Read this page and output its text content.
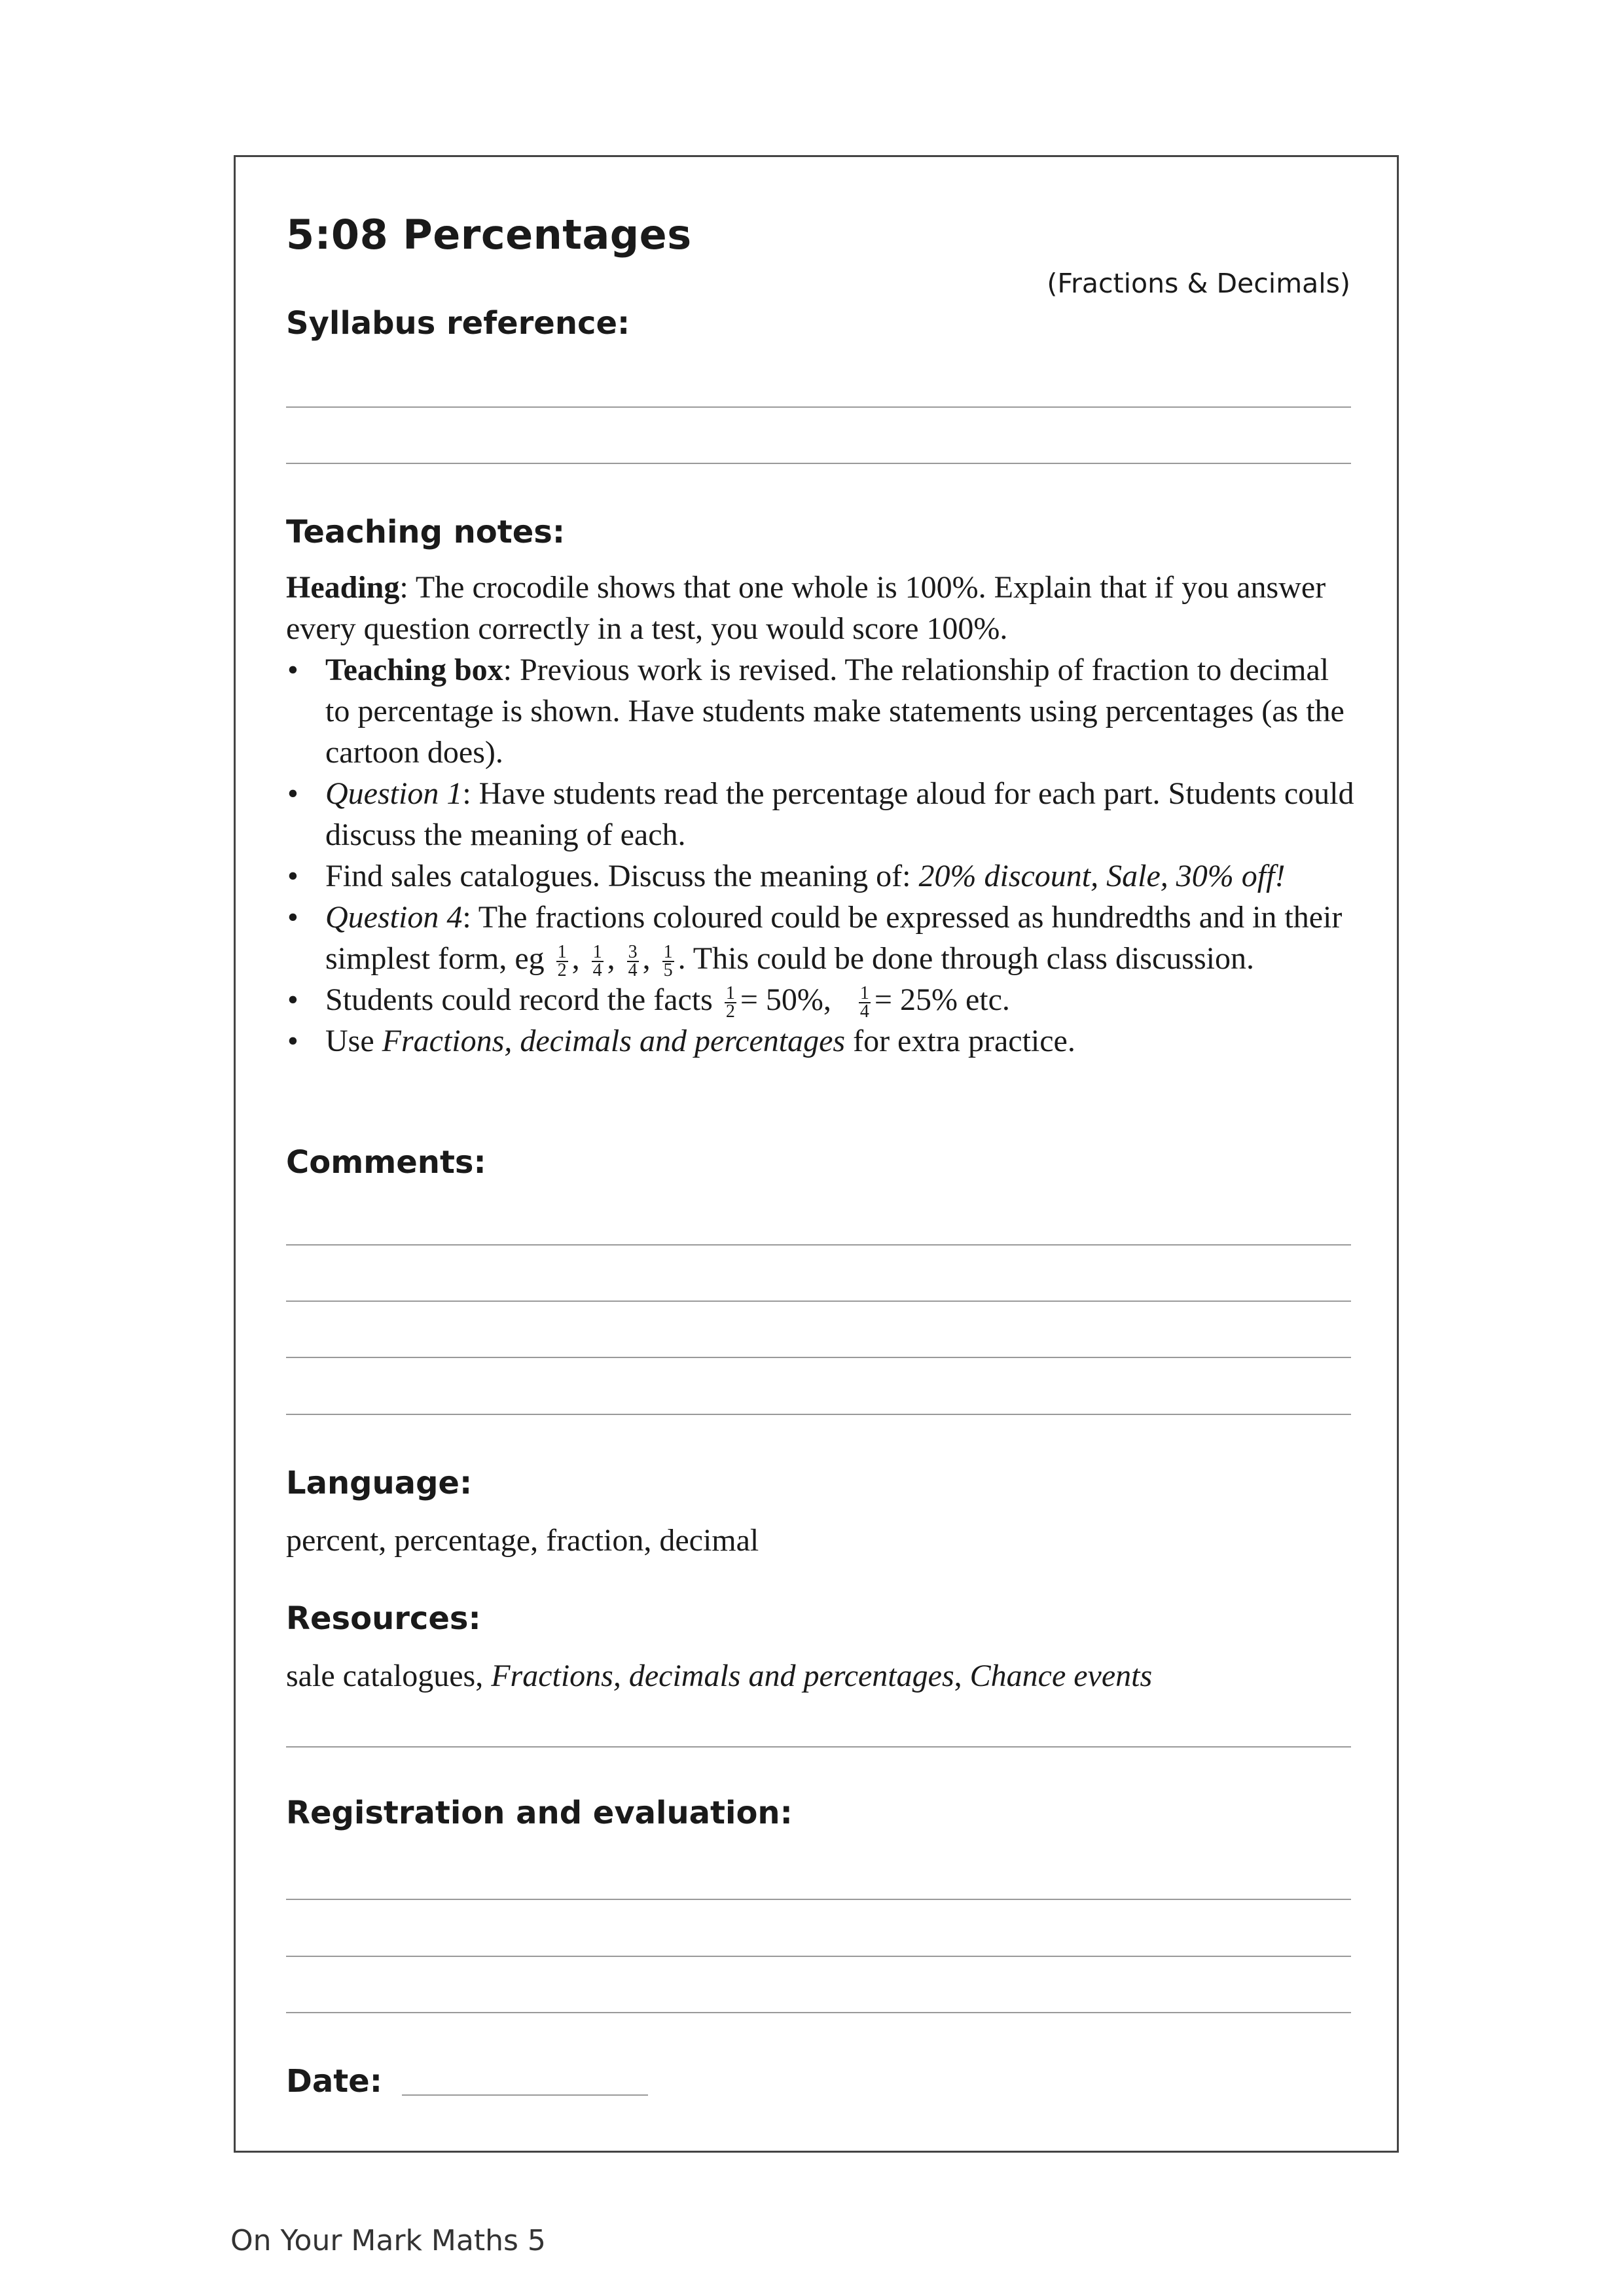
5:08 Percentages
(Fractions & Decimals)
Syllabus reference:
Teaching notes:

Heading: The crocodile shows that one whole is 100%. Explain that if you answer every question correctly in a test, you would score 100%.

• Teaching box: Previous work is revised. The relationship of fraction to decimal to percentage is shown. Have students make statements using percentages (as the cartoon does).
• Question 1: Have students read the percentage aloud for each part. Students could discuss the meaning of each.
• Find sales catalogues. Discuss the meaning of: 20% discount, Sale, 30% off!
• Question 4: The fractions coloured could be expressed as hundredths and in their simplest form, eg $\frac{1}{2}$ , $\frac{1}{4}$ , $\frac{3}{4}$ , $\frac{1}{5}$ . This could be done through class discussion.
• Students could record the facts $\frac{1}{2} = 50\%$, $\frac{1}{4} = 25\%$ etc.
• Use Fractions, decimals and percentages for extra practice.
Comments:
Language:
percent, percentage, fraction, decimal
Resources:
sale catalogues, Fractions, decimals and percentages, Chance events
Registration and evaluation:
Date:
On Your Mark Maths 5
